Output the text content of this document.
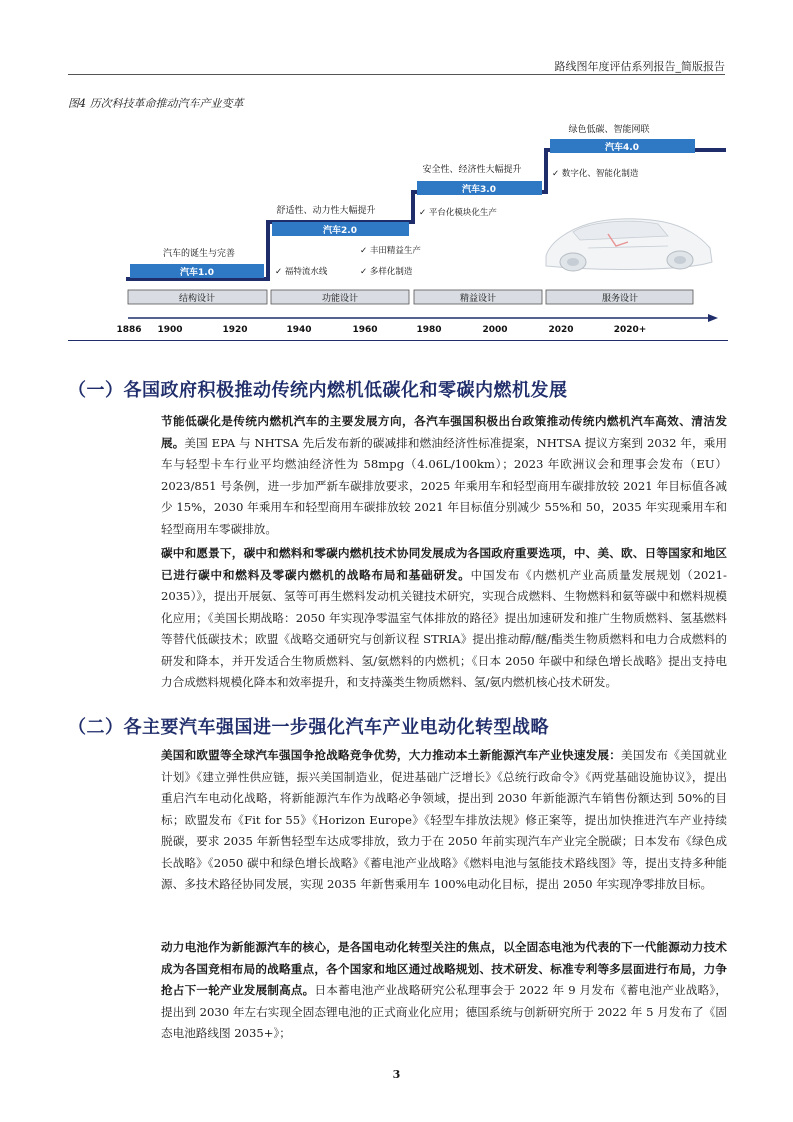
路线图年度评估系列报告_简版报告
图4 历次科技革命推动汽车产业变革
汽车的诞生与完善
舒适性、动力性大幅提升
安全性、经济性大幅提升
绿色低碳、智能网联
汽车1.0
汽车2.0
汽车3.0
汽车4.0
✓ 福特流水线
✓ 丰田精益生产
✓ 多样化制造
✓ 平台化模块化生产
✓ 数字化、智能化制造
结构设计	功能设计	精益设计	服务设计
1886 1900	1920	1940	1960	1980	2000	2020	2020+
（一）各国政府积极推动传统内燃机低碳化和零碳内燃机发展
节能低碳化是传统内燃机汽车的主要发展方向，各汽车强国积极出台政策推动传统内燃机汽车高效、清洁发展。美国 EPA 与 NHTSA 先后发布新的碳减排和燃油经济性标准提案，NHTSA 提议方案到 2032 年，乘用车与轻型卡车行业平均燃油经济性为 58mpg（4.06L/100km）；2023 年欧洲议会和理事会发布（EU）2023/851 号条例，进一步加严新车碳排放要求，2025 年乘用车和轻型商用车碳排放较 2021 年目标值各减少 15%，2030 年乘用车和轻型商用车碳排放较 2021 年目标值分别减少 55%和 50，2035 年实现乘用车和轻型商用车零碳排放。
碳中和愿景下，碳中和燃料和零碳内燃机技术协同发展成为各国政府重要选项，中、美、欧、日等国家和地区已进行碳中和燃料及零碳内燃机的战略布局和基础研发。中国发布《内燃机产业高质量发展规划（2021-2035）》，提出开展氨、氢等可再生燃料发动机关键技术研究，实现合成燃料、生物燃料和氨等碳中和燃料规模化应用；《美国长期战略：2050 年实现净零温室气体排放的路径》提出加速研发和推广生物质燃料、氢基燃料等替代低碳技术；欧盟《战略交通研究与创新议程 STRIA》提出推动醇/醚/酯类生物质燃料和电力合成燃料的研发和降本，并开发适合生物质燃料、氢/氨燃料的内燃机；《日本 2050 年碳中和绿色增长战略》提出支持电力合成燃料规模化降本和效率提升，和支持藻类生物质燃料、氢/氨内燃机核心技术研发。
（二）各主要汽车强国进一步强化汽车产业电动化转型战略
美国和欧盟等全球汽车强国争抢战略竞争优势，大力推动本土新能源汽车产业快速发展：美国发布《美国就业计划》《建立弹性供应链，振兴美国制造业，促进基础广泛增长》《总统行政命令》《两党基础设施协议》，提出重启汽车电动化战略，将新能源汽车作为战略必争领域，提出到 2030 年新能源汽车销售份额达到 50%的目标；欧盟发布《Fit for 55》《Horizon Europe》《轻型车排放法规》修正案等，提出加快推进汽车产业持续脱碳，要求 2035 年新售轻型车达成零排放，致力于在 2050 年前实现汽车产业完全脱碳；日本发布《绿色成长战略》《2050 碳中和绿色增长战略》《蓄电池产业战略》《燃料电池与氢能技术路线图》等，提出支持多种能源、多技术路径协同发展，实现 2035 年新售乘用车 100%电动化目标，提出 2050 年实现净零排放目标。
动力电池作为新能源汽车的核心，是各国电动化转型关注的焦点，以全固态电池为代表的下一代能源动力技术成为各国竞相布局的战略重点，各个国家和地区通过战略规划、技术研发、标准专利等多层面进行布局，力争抢占下一轮产业发展制高点。日本蓄电池产业战略研究公私理事会于 2022 年 9 月发布《蓄电池产业战略》，提出到 2030 年左右实现全固态锂电池的正式商业化应用；德国系统与创新研究所于 2022 年 5 月发布了《固态电池路线图 2035+》；
3
